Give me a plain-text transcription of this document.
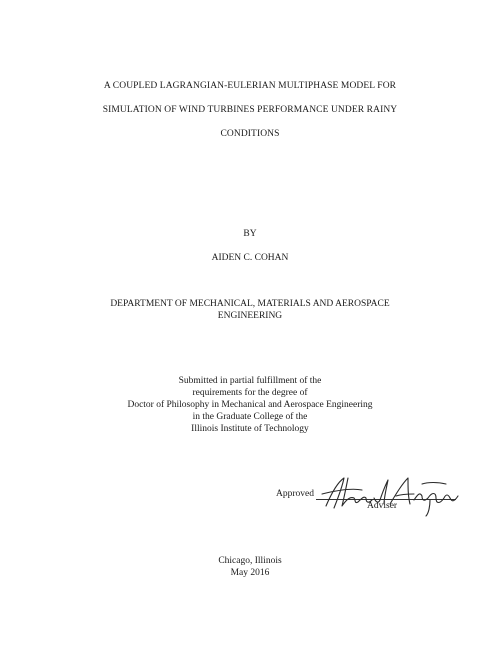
A COUPLED LAGRANGIAN-EULERIAN MULTIPHASE MODEL FOR
SIMULATION OF WIND TURBINES PERFORMANCE UNDER RAINY
CONDITIONS
BY
AIDEN C. COHAN
DEPARTMENT OF MECHANICAL, MATERIALS AND AEROSPACE
ENGINEERING
Submitted in partial fulfillment of the
requirements for the degree of
Doctor of Philosophy in Mechanical and Aerospace Engineering
in the Graduate College of the
Illinois Institute of Technology
Approved
Adviser
Chicago, Illinois
May 2016
